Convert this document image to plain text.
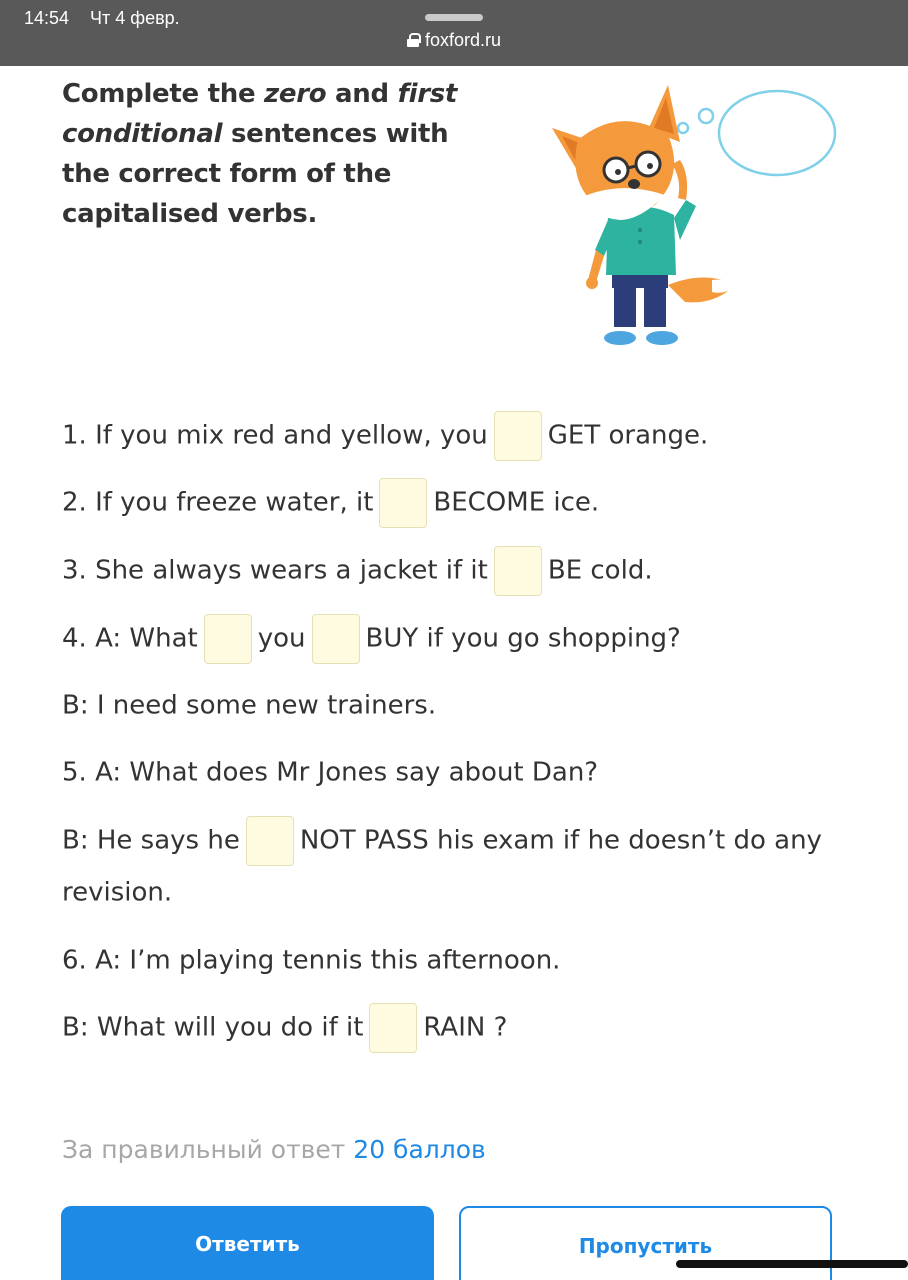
14:54 Чт 4 февр.
foxford.ru
Complete the zero and first conditional sentences with the correct form of the capitalised verbs.
1. If you mix red and yellow, you GET orange.
2. If you freeze water, it BECOME ice.
3. She always wears a jacket if it BE cold.
4. A: What you BUY if you go shopping?
B: I need some new trainers.
5. A: What does Mr Jones say about Dan?
B: He says he NOT PASS his exam if he doesn’t do any
revision.
6. A: I’m playing tennis this afternoon.
B: What will you do if it RAIN ?
За правильный ответ 20 баллов
Ответить	Пропустить
